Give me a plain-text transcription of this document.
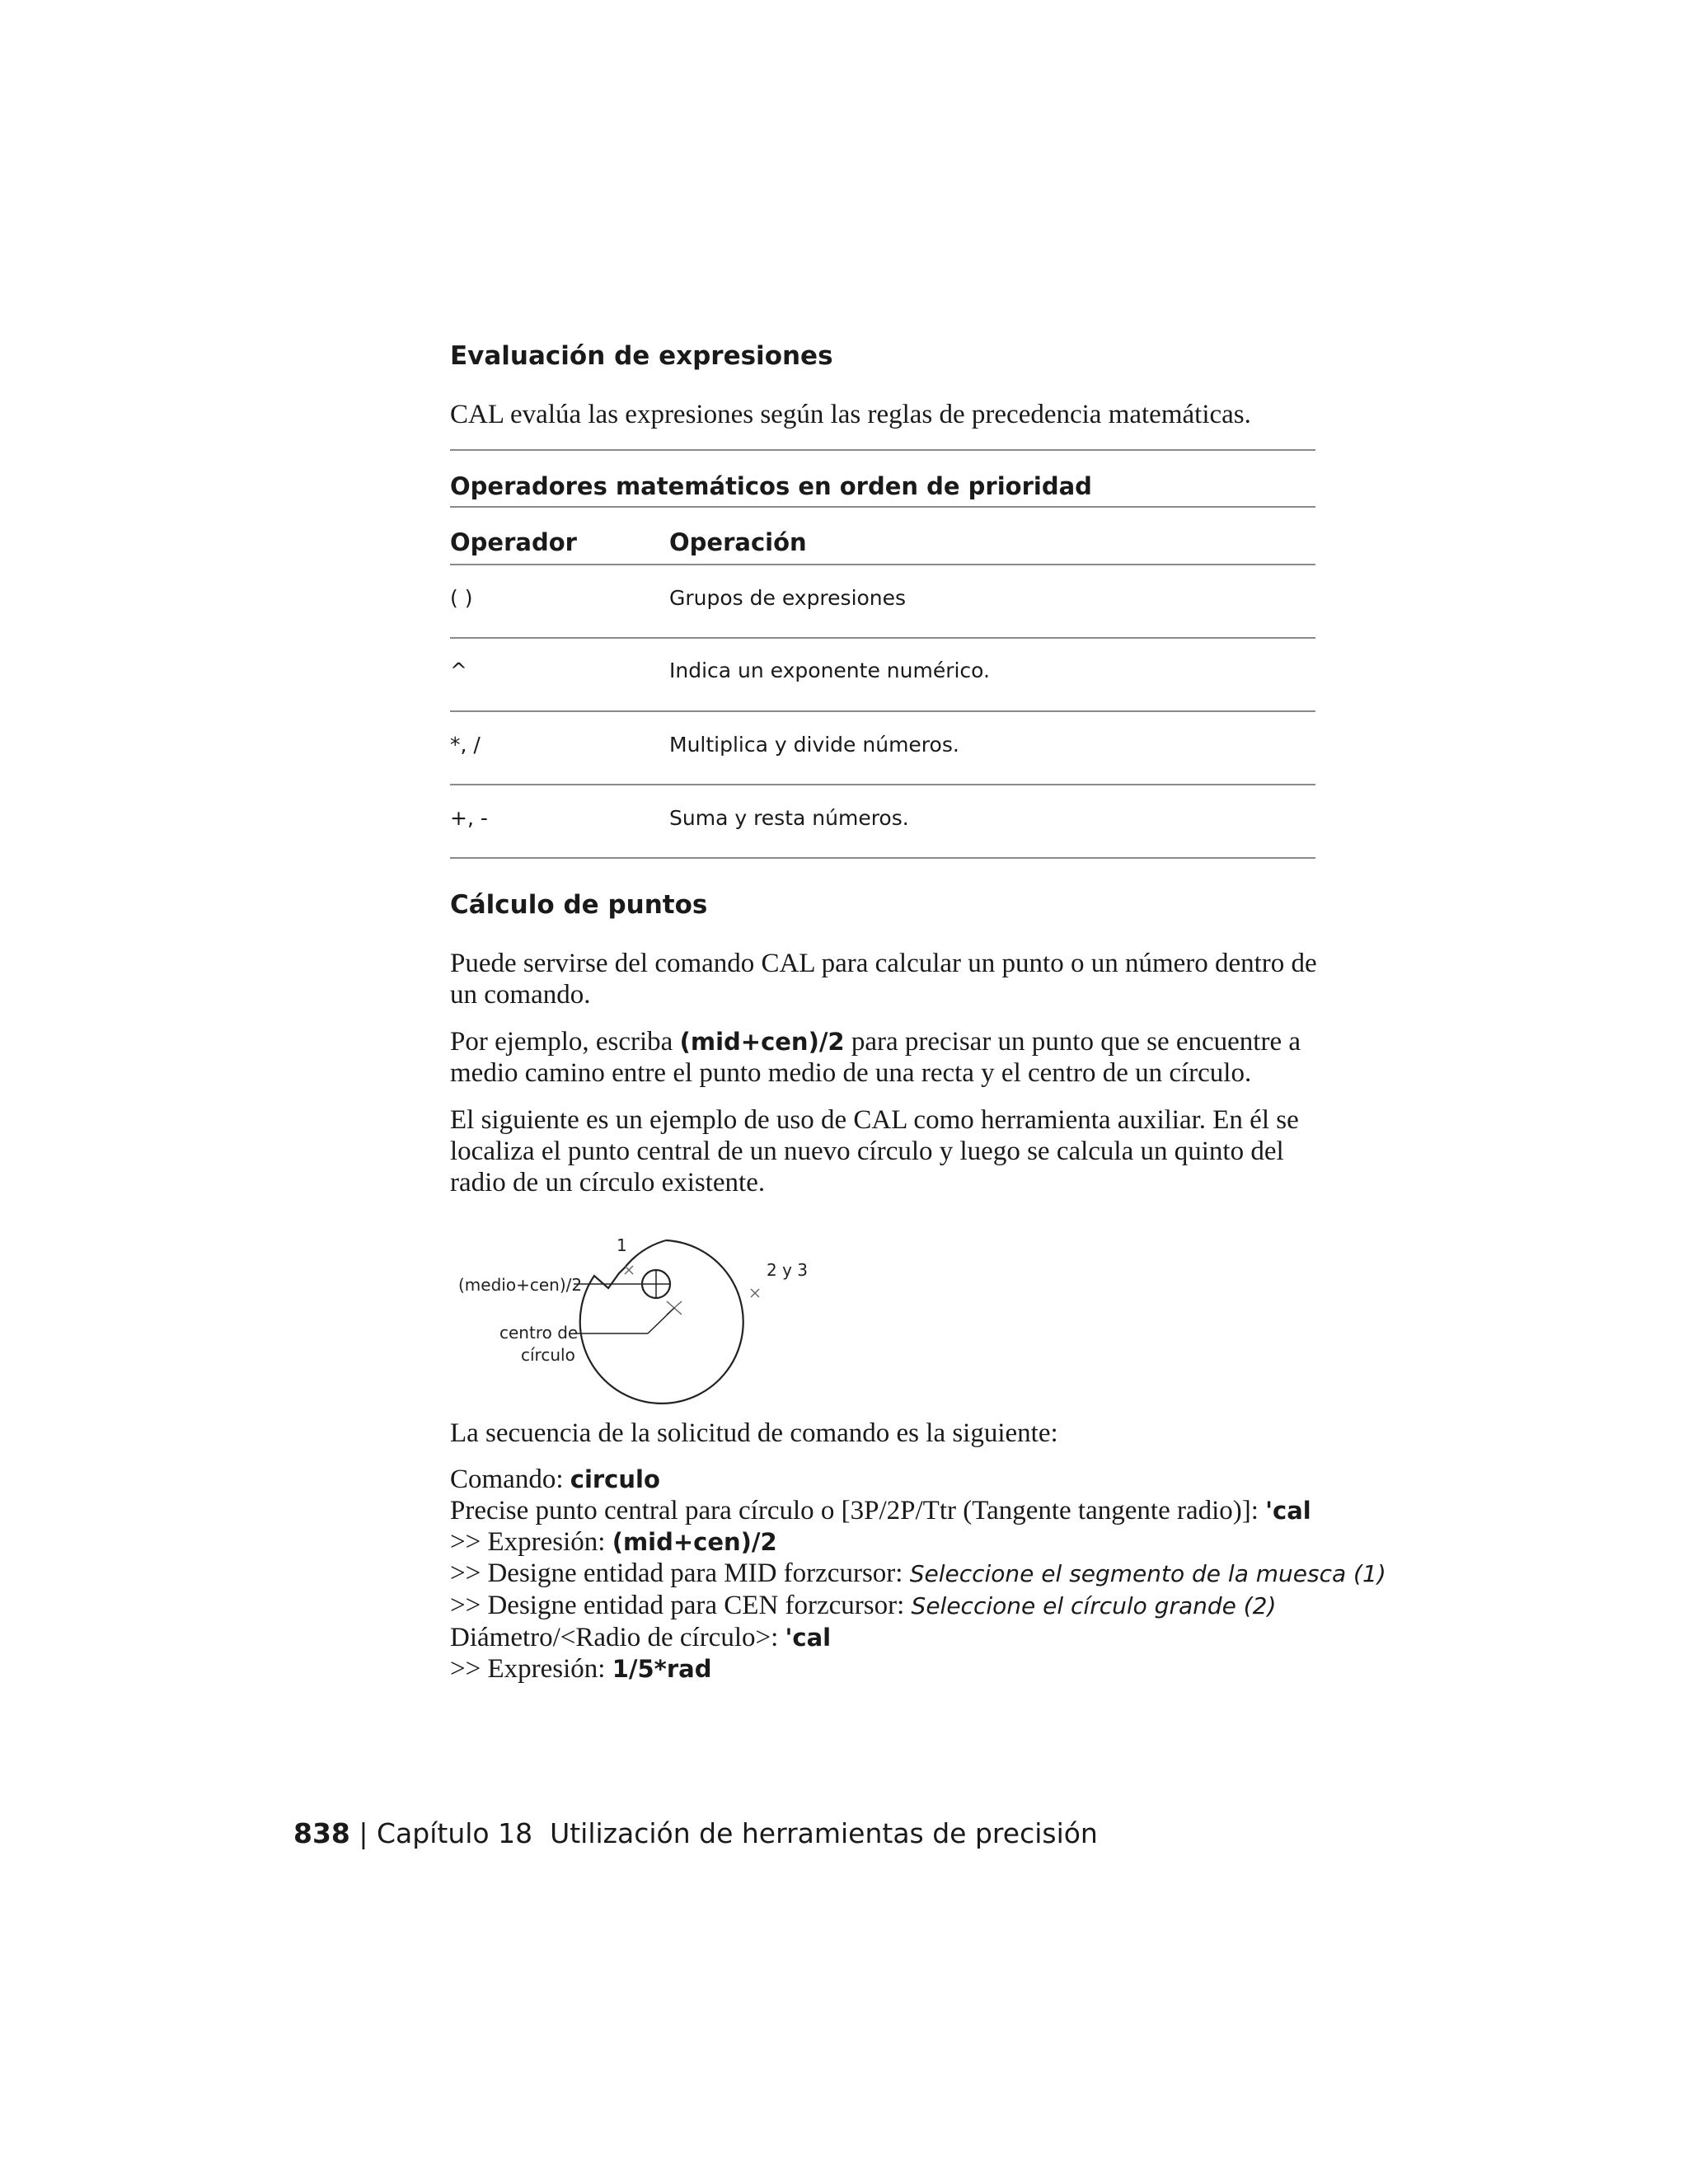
Evaluación de expresiones
CAL evalúa las expresiones según las reglas de precedencia matemáticas.
Operadores matemáticos en orden de prioridad
Operador	Operación
( )	Grupos de expresiones
^	Indica un exponente numérico.
*, /	Multiplica y divide números.
+, -	Suma y resta números.
Cálculo de puntos
Puede servirse del comando CAL para calcular un punto o un número dentro de un comando.
Por ejemplo, escriba (mid+cen)/2 para precisar un punto que se encuentre a medio camino entre el punto medio de una recta y el centro de un círculo.
El siguiente es un ejemplo de uso de CAL como herramienta auxiliar. En él se localiza el punto central de un nuevo círculo y luego se calcula un quinto del radio de un círculo existente.
1
2 y 3
(medio+cen)/2
centro de
círculo
La secuencia de la solicitud de comando es la siguiente:
Comando: circulo
Precise punto central para círculo o [3P/2P/Ttr (Tangente tangente radio)]: 'cal
>> Expresión: (mid+cen)/2
>> Designe entidad para MID forzcursor: Seleccione el segmento de la muesca (1)
>> Designe entidad para CEN forzcursor: Seleccione el círculo grande (2)
Diámetro/<Radio de círculo>: 'cal
>> Expresión: 1/5*rad
838 | Capítulo 18 Utilización de herramientas de precisión
